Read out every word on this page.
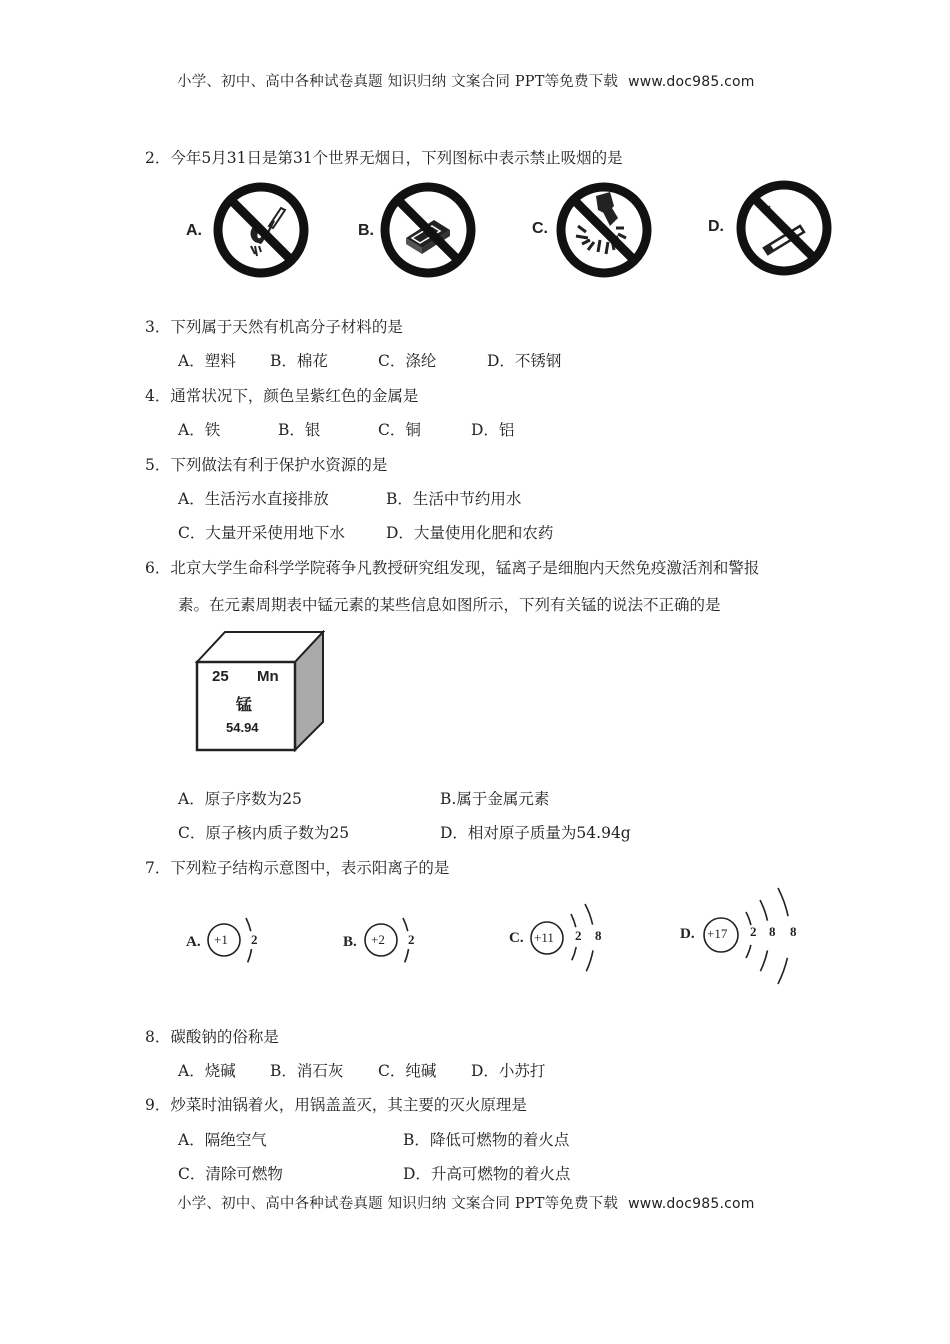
小学、初中、高中各种试卷真题 知识归纳 文案合同 PPT等免费下载 www.doc985.com
2．今年5月31日是第31个世界无烟日，下列图标中表示禁止吸烟的是
A.	B.	C.	D.
3．下列属于天然有机高分子材料的是
A．塑料 B．棉花	C．涤纶	D．不锈钢
4．通常状况下，颜色呈紫红色的金属是
A．铁	B．银	C．铜	D．铝
5．下列做法有利于保护水资源的是
A．生活污水直接排放	B．生活中节约用水
C．大量开采使用地下水	D．大量使用化肥和农药
6．北京大学生命科学学院蒋争凡教授研究组发现，锰离子是细胞内天然免疫激活剂和警报
素。在元素周期表中锰元素的某些信息如图所示，下列有关锰的说法不正确的是
25 Mn
锰
54.94
A．原子序数为25	B.属于金属元素
C．原子核内质子数为25	D．相对原子质量为54.94g
7．下列粒子结构示意图中，表示阳离子的是
A. +1 2	B. +2 2	C. +11 2 8	D. +17 2 8 8
8．碳酸钠的俗称是
A．烧碱 B．消石灰 C．纯碱 D．小苏打
9．炒菜时油锅着火，用锅盖盖灭，其主要的灭火原理是
A．隔绝空气	B．降低可燃物的着火点
C．清除可燃物	D．升高可燃物的着火点
小学、初中、高中各种试卷真题 知识归纳 文案合同 PPT等免费下载 www.doc985.com
